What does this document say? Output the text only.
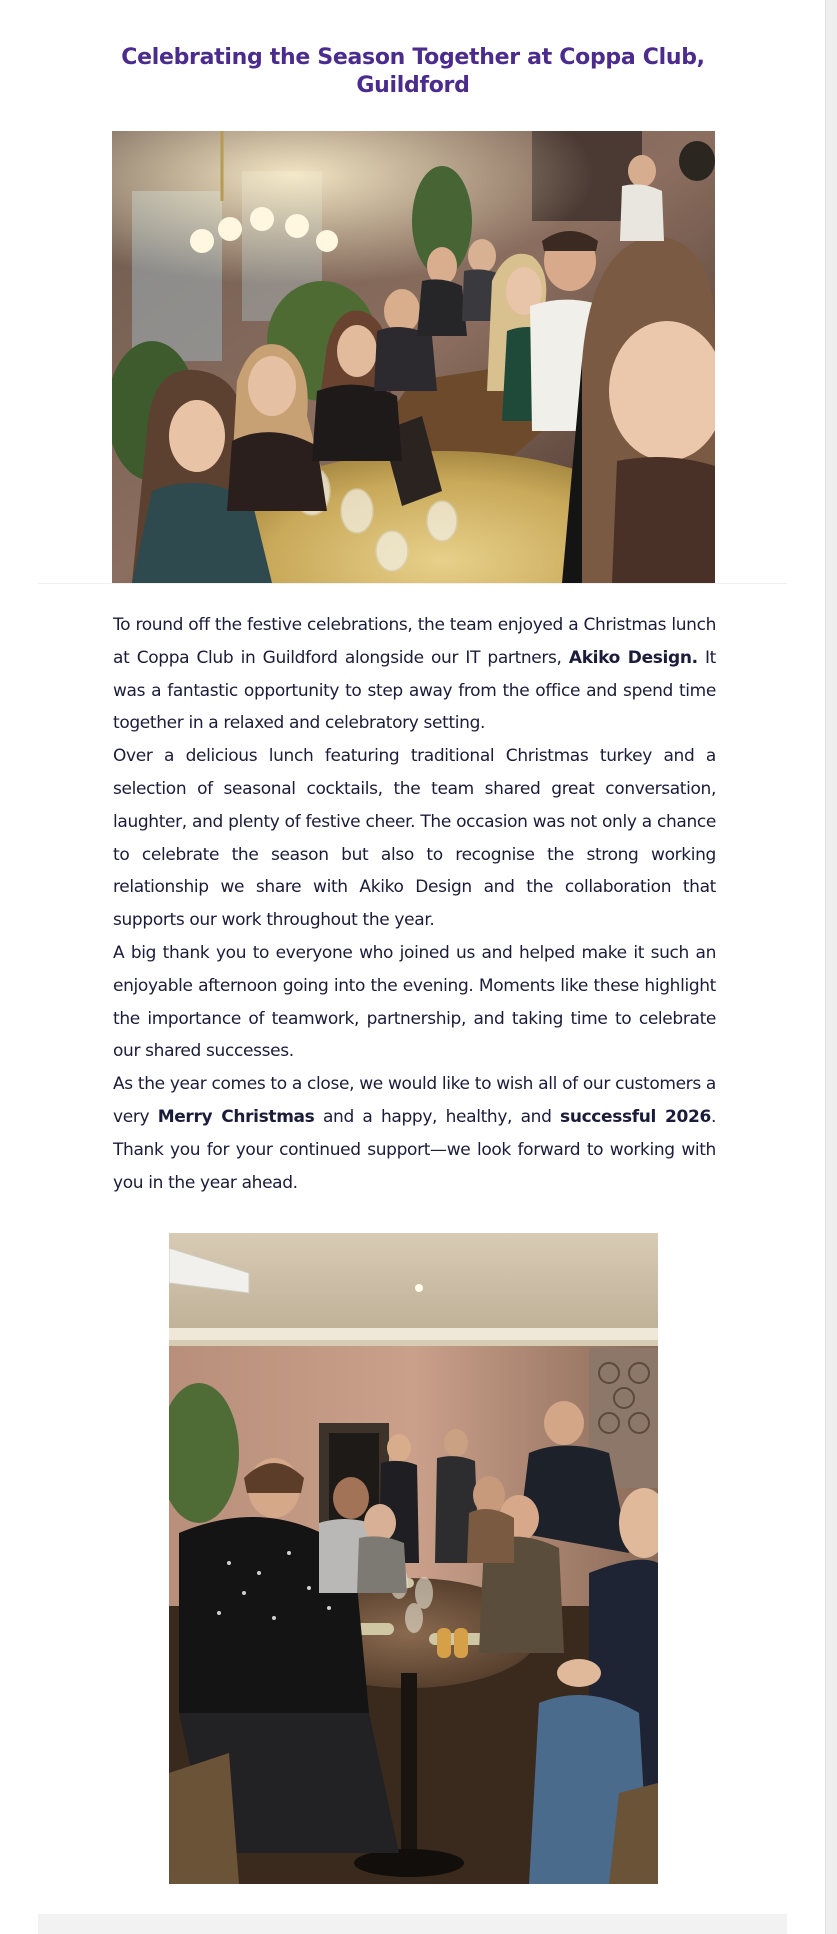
Celebrating the Season Together at Coppa Club, Guildford

To round off the festive celebrations, the team enjoyed a Christmas lunch at Coppa Club in Guildford alongside our IT partners, Akiko Design. It was a fantastic opportunity to step away from the office and spend time together in a relaxed and celebratory setting.

Over a delicious lunch featuring traditional Christmas turkey and a selection of seasonal cocktails, the team shared great conversation, laughter, and plenty of festive cheer. The occasion was not only a chance to celebrate the season but also to recognise the strong working relationship we share with Akiko Design and the collaboration that supports our work throughout the year.

A big thank you to everyone who joined us and helped make it such an enjoyable afternoon going into the evening. Moments like these highlight the importance of teamwork, partnership, and taking time to celebrate our shared successes.

As the year comes to a close, we would like to wish all of our customers a very Merry Christmas and a happy, healthy, and successful 2026. Thank you for your continued support—we look forward to working with you in the year ahead.
